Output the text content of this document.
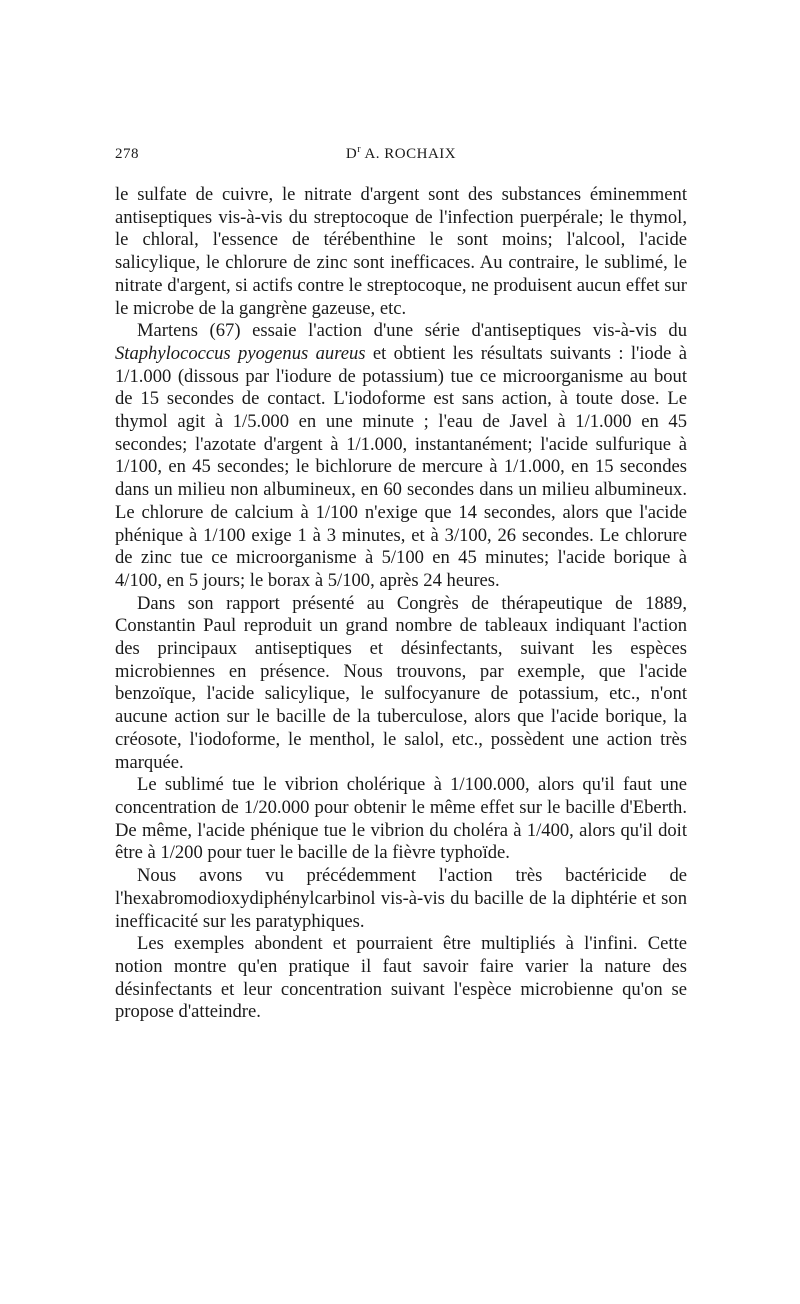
278	$D^r$ A. ROCHAIX

le sulfate de cuivre, le nitrate d'argent sont des substances éminemment antiseptiques vis-à-vis du streptocoque de l'infection puerpérale; le thymol, le chloral, l'essence de térébenthine le sont moins; l'alcool, l'acide salicylique, le chlorure de zinc sont inefficaces. Au contraire, le sublimé, le nitrate d'argent, si actifs contre le streptocoque, ne produisent aucun effet sur le microbe de la gangrène gazeuse, etc.

Martens (67) essaie l'action d'une série d'antiseptiques vis-à-vis du Staphylococcus pyogenus aureus et obtient les résultats suivants : l'iode à 1/1.000 (dissous par l'iodure de potassium) tue ce microorganisme au bout de 15 secondes de contact. L'iodoforme est sans action, à toute dose. Le thymol agit à 1/5.000 en une minute ; l'eau de Javel à 1/1.000 en 45 secondes; l'azotate d'argent à 1/1.000, instantanément; l'acide sulfurique à 1/100, en 45 secondes; le bichlorure de mercure à 1/1.000, en 15 secondes dans un milieu non albumineux, en 60 secondes dans un milieu albumineux. Le chlorure de calcium à 1/100 n'exige que 14 secondes, alors que l'acide phénique à 1/100 exige 1 à 3 minutes, et à 3/100, 26 secondes. Le chlorure de zinc tue ce microorganisme à 5/100 en 45 minutes; l'acide borique à 4/100, en 5 jours; le borax à 5/100, après 24 heures.

Dans son rapport présenté au Congrès de thérapeutique de 1889, Constantin Paul reproduit un grand nombre de tableaux indiquant l'action des principaux antiseptiques et désinfectants, suivant les espèces microbiennes en présence. Nous trouvons, par exemple, que l'acide benzoïque, l'acide salicylique, le sulfocyanure de potassium, etc., n'ont aucune action sur le bacille de la tuberculose, alors que l'acide borique, la créosote, l'iodoforme, le menthol, le salol, etc., possèdent une action très marquée.

Le sublimé tue le vibrion cholérique à 1/100.000, alors qu'il faut une concentration de 1/20.000 pour obtenir le même effet sur le bacille d'Eberth. De même, l'acide phénique tue le vibrion du choléra à 1/400, alors qu'il doit être à 1/200 pour tuer le bacille de la fièvre typhoïde.

Nous avons vu précédemment l'action très bactéricide de l'hexabromodioxydiphénylcarbinol vis-à-vis du bacille de la diphtérie et son inefficacité sur les paratyphiques.

Les exemples abondent et pourraient être multipliés à l'infini. Cette notion montre qu'en pratique il faut savoir faire varier la nature des désinfectants et leur concentration suivant l'espèce microbienne qu'on se propose d'atteindre.
